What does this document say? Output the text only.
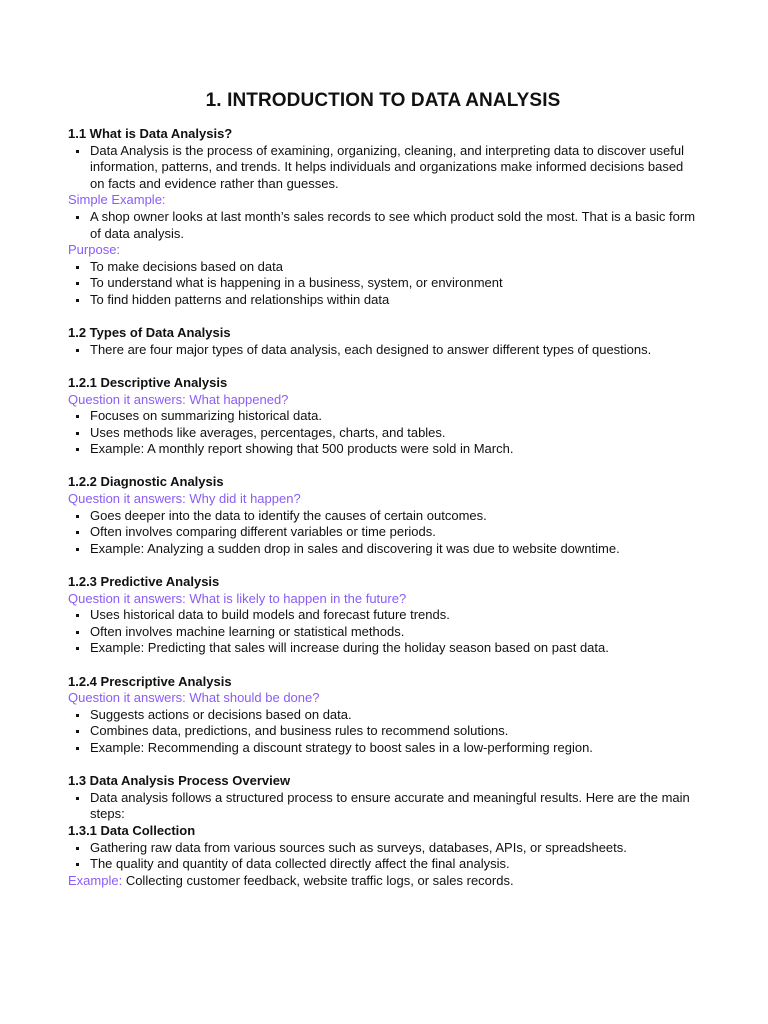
1. INTRODUCTION TO DATA ANALYSIS

1.1 What is Data Analysis?

Data Analysis is the process of examining, organizing, cleaning, and interpreting data to discover useful information, patterns, and trends. It helps individuals and organizations make informed decisions based on facts and evidence rather than guesses.

Simple Example:

A shop owner looks at last month’s sales records to see which product sold the most. That is a basic form of data analysis.

Purpose:

To make decisions based on data
To understand what is happening in a business, system, or environment
To find hidden patterns and relationships within data

1.2 Types of Data Analysis

There are four major types of data analysis, each designed to answer different types of questions.

1.2.1 Descriptive Analysis

Question it answers: What happened?

Focuses on summarizing historical data.
Uses methods like averages, percentages, charts, and tables.
Example: A monthly report showing that 500 products were sold in March.

1.2.2 Diagnostic Analysis

Question it answers: Why did it happen?

Goes deeper into the data to identify the causes of certain outcomes.
Often involves comparing different variables or time periods.
Example: Analyzing a sudden drop in sales and discovering it was due to website downtime.

1.2.3 Predictive Analysis

Question it answers: What is likely to happen in the future?

Uses historical data to build models and forecast future trends.
Often involves machine learning or statistical methods.
Example: Predicting that sales will increase during the holiday season based on past data.

1.2.4 Prescriptive Analysis

Question it answers: What should be done?

Suggests actions or decisions based on data.
Combines data, predictions, and business rules to recommend solutions.
Example: Recommending a discount strategy to boost sales in a low-performing region.

1.3 Data Analysis Process Overview

Data analysis follows a structured process to ensure accurate and meaningful results. Here are the main steps:

1.3.1 Data Collection

Gathering raw data from various sources such as surveys, databases, APIs, or spreadsheets.
The quality and quantity of data collected directly affect the final analysis.

Example: Collecting customer feedback, website traffic logs, or sales records.
